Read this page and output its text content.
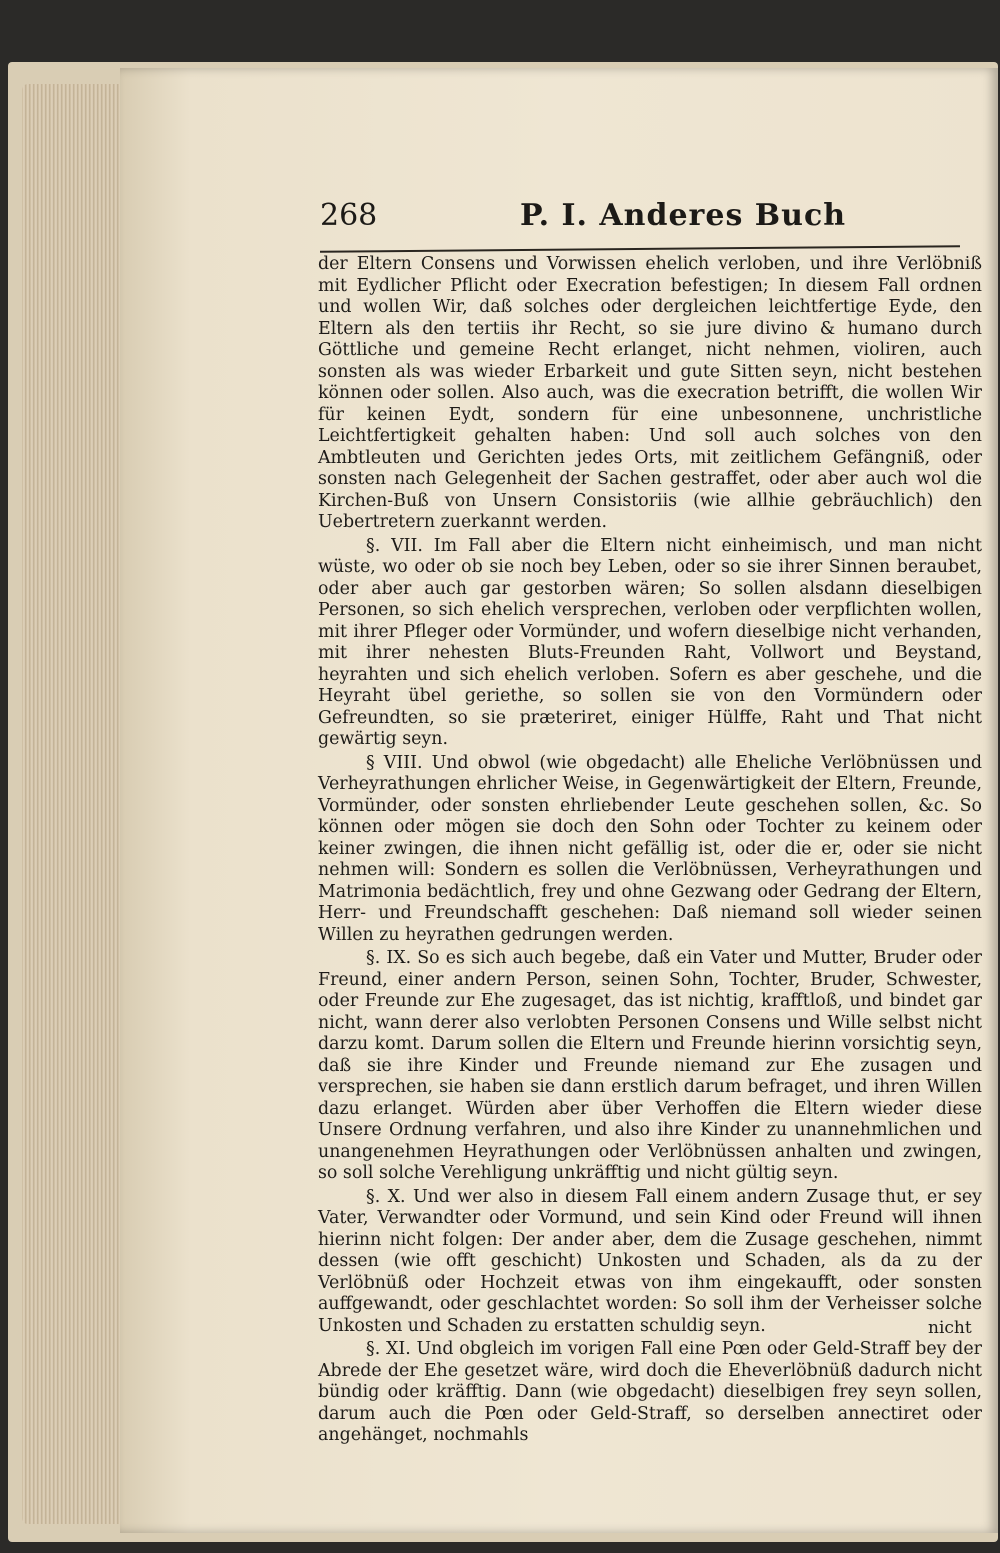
268	P. I. Anderes Buch

der Eltern Consens und Vorwissen ehelich verloben, und ihre Verlöbniß mit Eydlicher Pflicht oder Execration befestigen; In diesem Fall ordnen und wollen Wir, daß solches oder dergleichen leichtfertige Eyde, den Eltern als den tertiis ihr Recht, so sie jure divino & humano durch Göttliche und gemeine Recht erlanget, nicht nehmen, violiren, auch sonsten als was wieder Erbarkeit und gute Sitten seyn, nicht bestehen können oder sollen. Also auch, was die execration betrifft, die wollen Wir für keinen Eydt, sondern für eine unbesonnene, unchristliche Leichtfertigkeit gehalten haben: Und soll auch solches von den Ambtleuten und Gerichten jedes Orts, mit zeitlichem Gefängniß, oder sonsten nach Gelegenheit der Sachen gestraffet, oder aber auch wol die Kirchen-Buß von Unsern Consistoriis (wie allhie gebräuchlich) den Uebertretern zuerkannt werden.

§. VII. Im Fall aber die Eltern nicht einheimisch, und man nicht wüste, wo oder ob sie noch bey Leben, oder so sie ihrer Sinnen beraubet, oder aber auch gar gestorben wären; So sollen alsdann dieselbigen Personen, so sich ehelich versprechen, verloben oder verpflichten wollen, mit ihrer Pfleger oder Vormünder, und wofern dieselbige nicht verhanden, mit ihrer nehesten Bluts-Freunden Raht, Vollwort und Beystand, heyrahten und sich ehelich verloben. Sofern es aber geschehe, und die Heyraht übel geriethe, so sollen sie von den Vormündern oder Gefreundten, so sie præteriret, einiger Hülffe, Raht und That nicht gewärtig seyn.

§ VIII. Und obwol (wie obgedacht) alle Eheliche Verlöbnüssen und Verheyrathungen ehrlicher Weise, in Gegenwärtigkeit der Eltern, Freunde, Vormünder, oder sonsten ehrliebender Leute geschehen sollen, &c. So können oder mögen sie doch den Sohn oder Tochter zu keinem oder keiner zwingen, die ihnen nicht gefällig ist, oder die er, oder sie nicht nehmen will: Sondern es sollen die Verlöbnüssen, Verheyrathungen und Matrimonia bedächtlich, frey und ohne Gezwang oder Gedrang der Eltern, Herr- und Freundschafft geschehen: Daß niemand soll wieder seinen Willen zu heyrathen gedrungen werden.

§. IX. So es sich auch begebe, daß ein Vater und Mutter, Bruder oder Freund, einer andern Person, seinen Sohn, Tochter, Bruder, Schwester, oder Freunde zur Ehe zugesaget, das ist nichtig, krafftloß, und bindet gar nicht, wann derer also verlobten Personen Consens und Wille selbst nicht darzu komt. Darum sollen die Eltern und Freunde hierinn vorsichtig seyn, daß sie ihre Kinder und Freunde niemand zur Ehe zusagen und versprechen, sie haben sie dann erstlich darum befraget, und ihren Willen dazu erlanget. Würden aber über Verhoffen die Eltern wieder diese Unsere Ordnung verfahren, und also ihre Kinder zu unannehmlichen und unangenehmen Heyrathungen oder Verlöbnüssen anhalten und zwingen, so soll solche Verehligung unkräfftig und nicht gültig seyn.

§. X. Und wer also in diesem Fall einem andern Zusage thut, er sey Vater, Verwandter oder Vormund, und sein Kind oder Freund will ihnen hierinn nicht folgen: Der ander aber, dem die Zusage geschehen, nimmt dessen (wie offt geschicht) Unkosten und Schaden, als da zu der Verlöbnüß oder Hochzeit etwas von ihm eingekaufft, oder sonsten auffgewandt, oder geschlachtet worden: So soll ihm der Verheisser solche Unkosten und Schaden zu erstatten schuldig seyn.

§. XI. Und obgleich im vorigen Fall eine Pœn oder Geld-Straff bey der Abrede der Ehe gesetzet wäre, wird doch die Eheverlöbnüß dadurch nicht bündig oder kräfftig. Dann (wie obgedacht) dieselbigen frey seyn sollen, darum auch die Pœn oder Geld-Straff, so derselben annectiret oder angehänget, nochmahls

nicht
